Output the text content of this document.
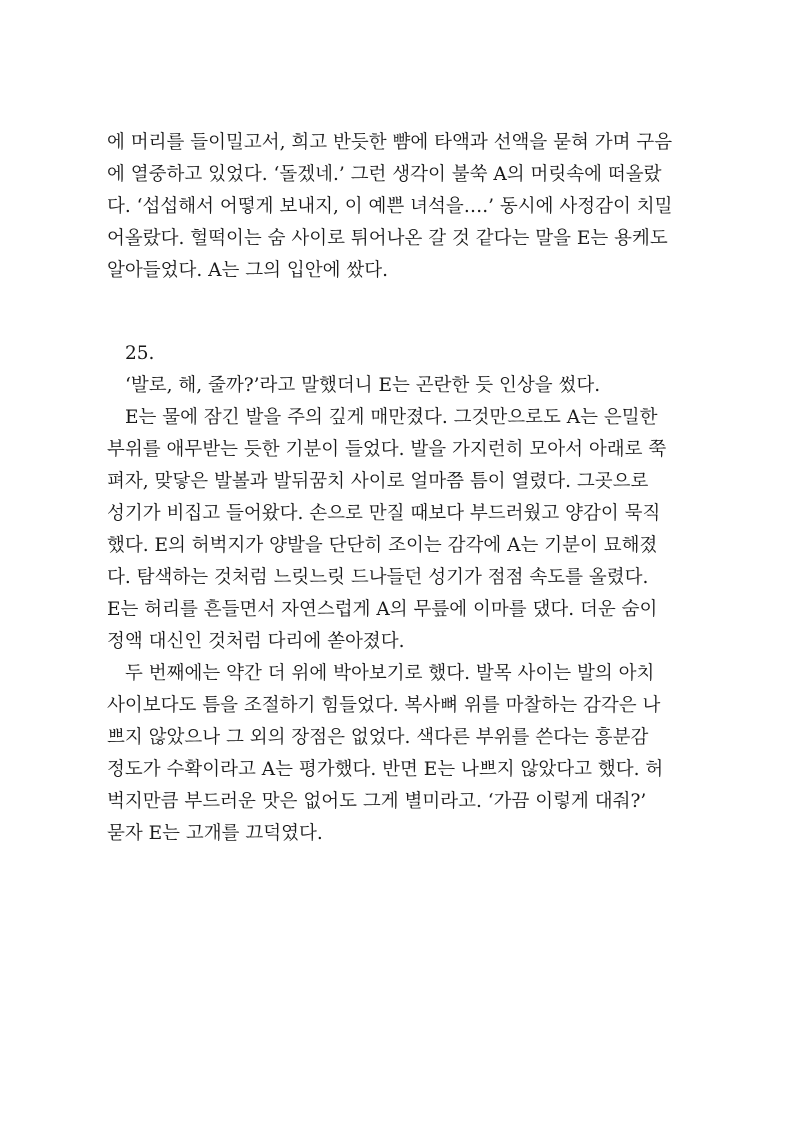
에 머리를 들이밀고서, 희고 반듯한 뺨에 타액과 선액을 묻혀 가며 구음
에 열중하고 있었다. ‘돌겠네.’ 그런 생각이 불쑥 A의 머릿속에 떠올랐
다. ‘섭섭해서 어떻게 보내지, 이 예쁜 녀석을….’ 동시에 사정감이 치밀
어올랐다. 헐떡이는 숨 사이로 튀어나온 갈 것 같다는 말을 E는 용케도
알아들었다. A는 그의 입안에 쌌다.
25.
‘발로, 해, 줄까?’라고 말했더니 E는 곤란한 듯 인상을 썼다.
E는 물에 잠긴 발을 주의 깊게 매만졌다. 그것만으로도 A는 은밀한
부위를 애무받는 듯한 기분이 들었다. 발을 가지런히 모아서 아래로 쭉
펴자, 맞닿은 발볼과 발뒤꿈치 사이로 얼마쯤 틈이 열렸다. 그곳으로
성기가 비집고 들어왔다. 손으로 만질 때보다 부드러웠고 양감이 묵직
했다. E의 허벅지가 양발을 단단히 조이는 감각에 A는 기분이 묘해졌
다. 탐색하는 것처럼 느릿느릿 드나들던 성기가 점점 속도를 올렸다.
E는 허리를 흔들면서 자연스럽게 A의 무릎에 이마를 댔다. 더운 숨이
정액 대신인 것처럼 다리에 쏟아졌다.
두 번째에는 약간 더 위에 박아보기로 했다. 발목 사이는 발의 아치
사이보다도 틈을 조절하기 힘들었다. 복사뼈 위를 마찰하는 감각은 나
쁘지 않았으나 그 외의 장점은 없었다. 색다른 부위를 쓴다는 흥분감
정도가 수확이라고 A는 평가했다. 반면 E는 나쁘지 않았다고 했다. 허
벅지만큼 부드러운 맛은 없어도 그게 별미라고. ‘가끔 이렇게 대줘?’
묻자 E는 고개를 끄덕였다.
